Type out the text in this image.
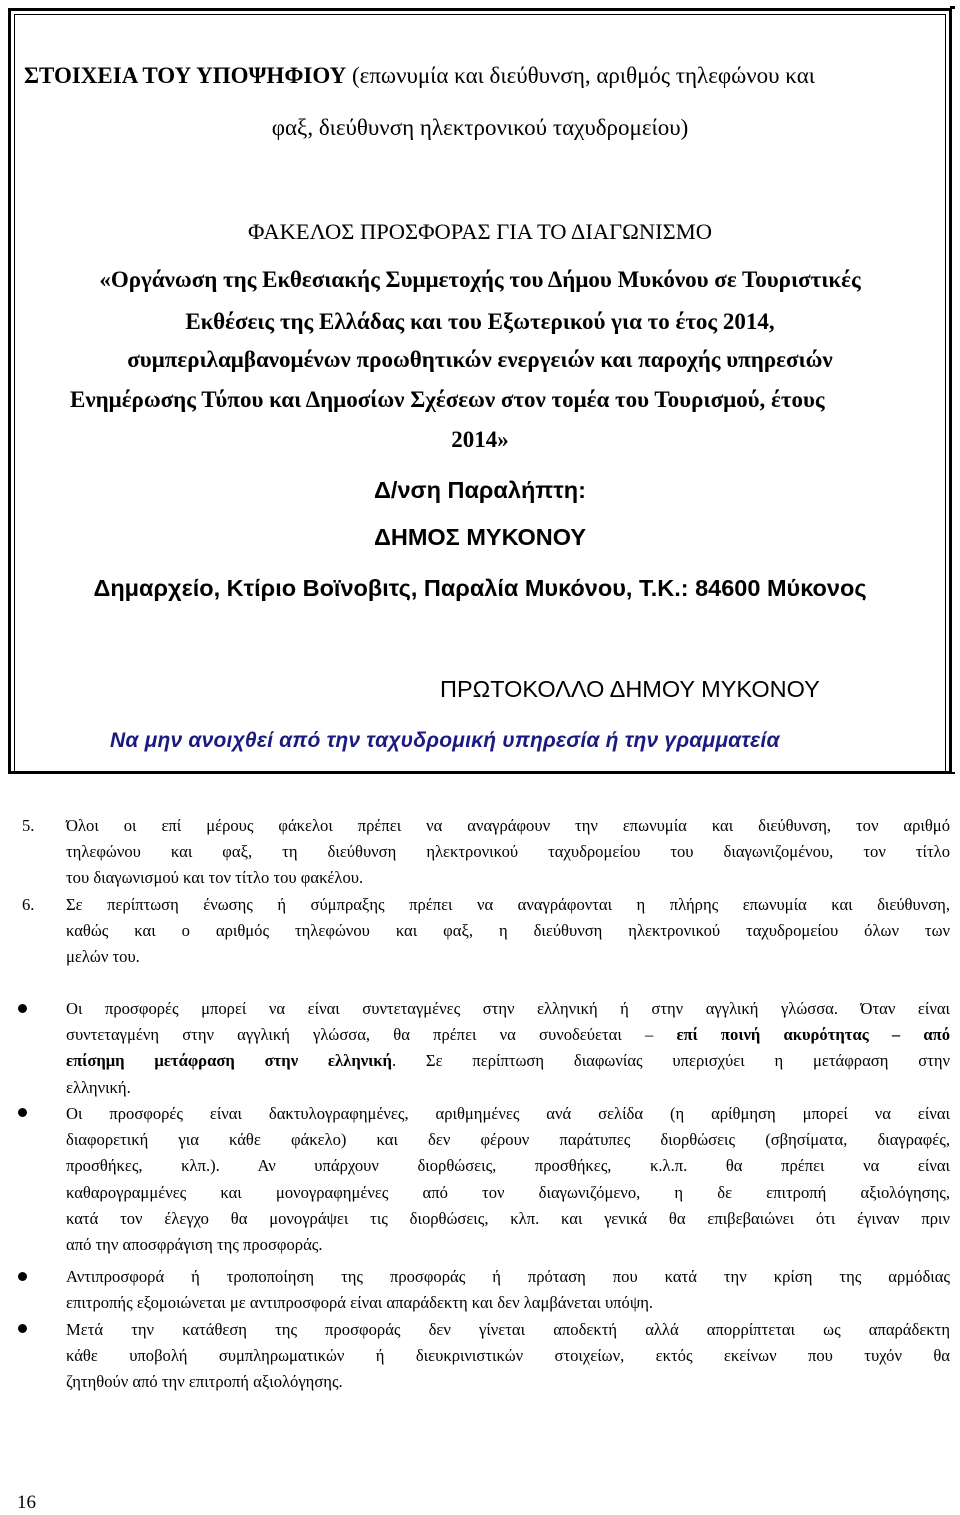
ΣΤΟΙΧΕΙΑ ΤΟΥ ΥΠΟΨΗΦΙΟΥ (επωνυμία και διεύθυνση, αριθμός τηλεφώνου και
φαξ, διεύθυνση ηλεκτρονικού ταχυδρομείου)
ΦΑΚΕΛΟΣ ΠΡΟΣΦΟΡΑΣ ΓΙΑ ΤΟ ΔΙΑΓΩΝΙΣΜΟ
«Οργάνωση της Εκθεσιακής Συμμετοχής του Δήμου Μυκόνου σε Τουριστικές
Εκθέσεις της Ελλάδας και του Εξωτερικού για το έτος 2014,
συμπεριλαμβανομένων προωθητικών ενεργειών και παροχής υπηρεσιών
Ενημέρωσης Τύπου και Δημοσίων Σχέσεων στον τομέα του Τουρισμού, έτους
2014»
Δ/νση Παραλήπτη:
ΔΗΜΟΣ ΜΥΚΟΝΟΥ
Δημαρχείο, Κτίριο Βοϊνοβιτς, Παραλία Μυκόνου, Τ.Κ.: 84600 Μύκονος
ΠΡΩΤΟΚΟΛΛΟ ΔΗΜΟΥ ΜΥΚΟΝΟΥ
Να μην ανοιχθεί από την ταχυδρομική υπηρεσία ή την γραμματεία
5. Όλοι οι επί μέρους φάκελοι πρέπει να αναγράφουν την επωνυμία και διεύθυνση, τον αριθμό
τηλεφώνου και φαξ, τη διεύθυνση ηλεκτρονικού ταχυδρομείου του διαγωνιζομένου, τον τίτλο
του διαγωνισμού και τον τίτλο του φακέλου.
6. Σε περίπτωση ένωσης ή σύμπραξης πρέπει να αναγράφονται η πλήρης επωνυμία και διεύθυνση,
καθώς και ο αριθμός τηλεφώνου και φαξ, η διεύθυνση ηλεκτρονικού ταχυδρομείου όλων των
μελών του.
Οι προσφορές μπορεί να είναι συντεταγμένες στην ελληνική ή στην αγγλική γλώσσα. Όταν είναι
συντεταγμένη στην αγγλική γλώσσα, θα πρέπει να συνοδεύεται – επί ποινή ακυρότητας – από
επίσημη μετάφραση στην ελληνική. Σε περίπτωση διαφωνίας υπερισχύει η μετάφραση στην
ελληνική.
Οι προσφορές είναι δακτυλογραφημένες, αριθμημένες ανά σελίδα (η αρίθμηση μπορεί να είναι
διαφορετική για κάθε φάκελο) και δεν φέρουν παράτυπες διορθώσεις (σβησίματα, διαγραφές,
προσθήκες, κλπ.). Αν υπάρχουν διορθώσεις, προσθήκες, κ.λ.π. θα πρέπει να είναι
καθαρογραμμένες και μονογραφημένες από τον διαγωνιζόμενο, η δε επιτροπή αξιολόγησης,
κατά τον έλεγχο θα μονογράψει τις διορθώσεις, κλπ. και γενικά θα επιβεβαιώνει ότι έγιναν πριν
από την αποσφράγιση της προσφοράς.
Αντιπροσφορά ή τροποποίηση της προσφοράς ή πρόταση που κατά την κρίση της αρμόδιας
επιτροπής εξομοιώνεται με αντιπροσφορά είναι απαράδεκτη και δεν λαμβάνεται υπόψη.
Μετά την κατάθεση της προσφοράς δεν γίνεται αποδεκτή αλλά απορρίπτεται ως απαράδεκτη
κάθε υποβολή συμπληρωματικών ή διευκρινιστικών στοιχείων, εκτός εκείνων που τυχόν θα
ζητηθούν από την επιτροπή αξιολόγησης.
16
